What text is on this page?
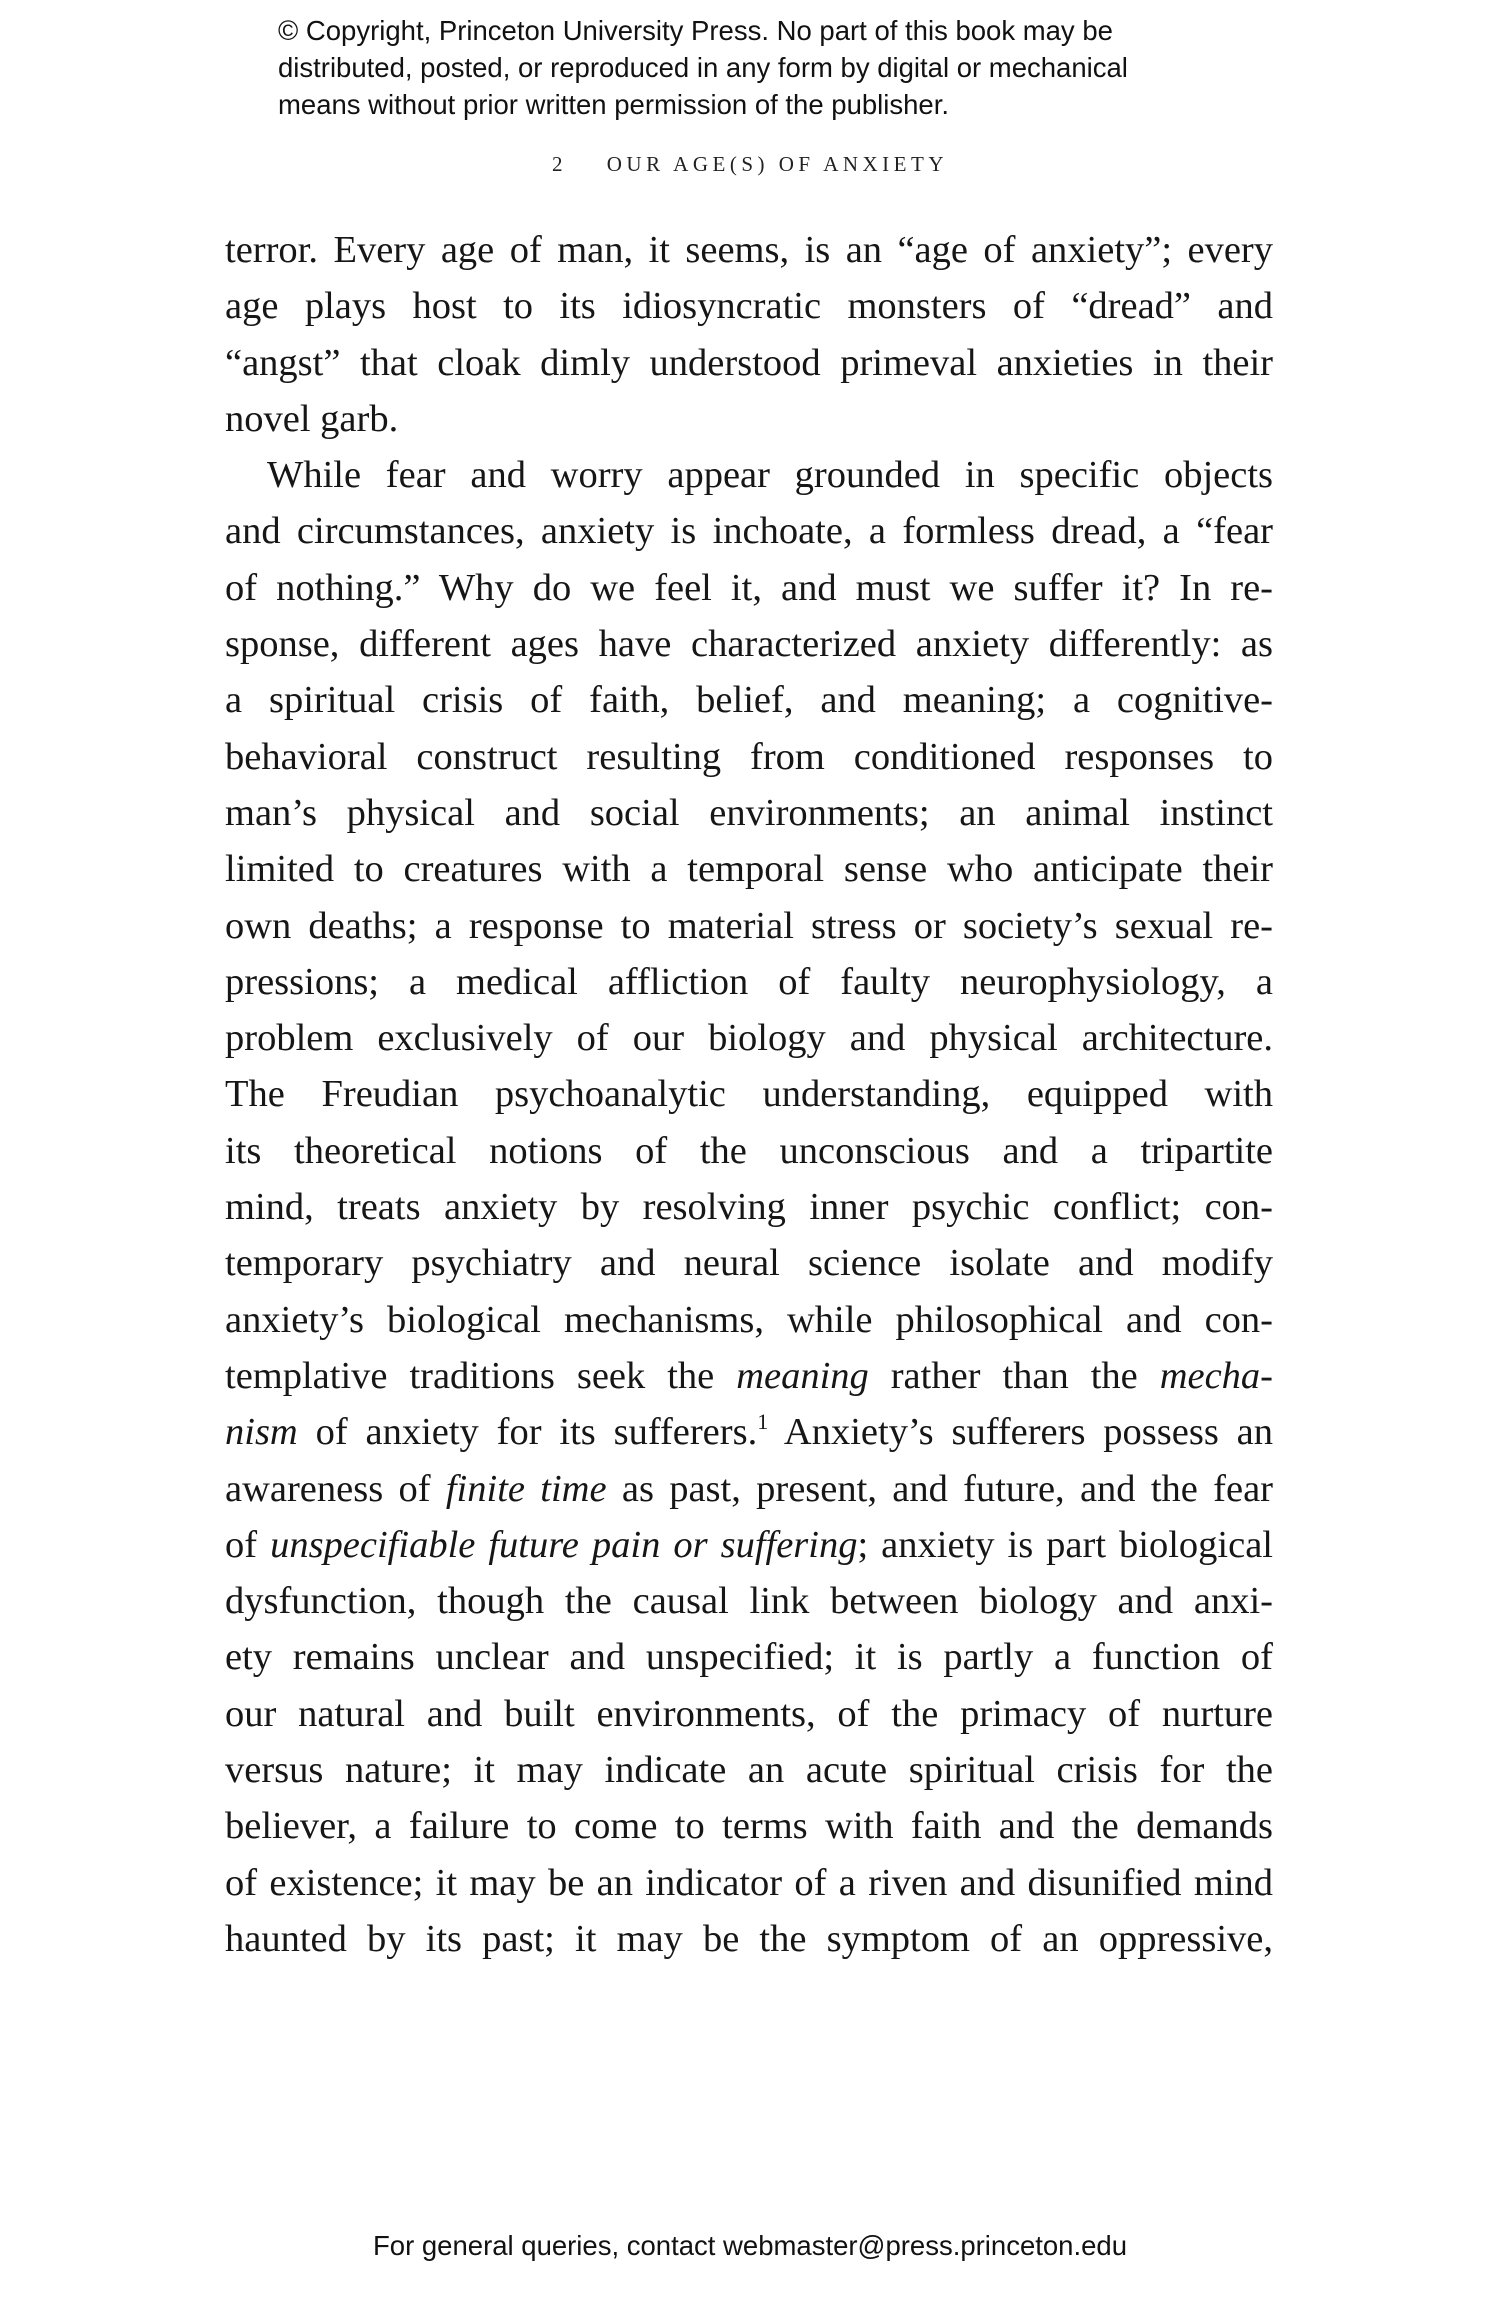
© Copyright, Princeton University Press. No part of this book may be
distributed, posted, or reproduced in any form by digital or mechanical
means without prior written permission of the publisher.
2 OUR AGE(S) OF ANXIETY
terror. Every age of man, it seems, is an “age of anxiety”; every
age plays host to its idiosyncratic monsters of “dread” and
“angst” that cloak dimly understood primeval anxieties in their
novel garb.
While fear and worry appear grounded in specific objects
and circumstances, anxiety is inchoate, a formless dread, a “fear
of nothing.” Why do we feel it, and must we suffer it? In re-
sponse, different ages have characterized anxiety differently: as
a spiritual crisis of faith, belief, and meaning; a cognitive-
behavioral construct resulting from conditioned responses to
man’s physical and social environments; an animal instinct
limited to creatures with a temporal sense who anticipate their
own deaths; a response to material stress or society’s sexual re-
pressions; a medical affliction of faulty neurophysiology, a
problem exclusively of our biology and physical architecture.
The Freudian psychoanalytic understanding, equipped with
its theoretical notions of the unconscious and a tripartite
mind, treats anxiety by resolving inner psychic conflict; con-
temporary psychiatry and neural science isolate and modify
anxiety’s biological mechanisms, while philosophical and con-
templative traditions seek the meaning rather than the mecha-
nism of anxiety for its sufferers.$^1$ Anxiety’s sufferers possess an
awareness of finite time as past, present, and future, and the fear
of unspecifiable future pain or suffering; anxiety is part biological
dysfunction, though the causal link between biology and anxi-
ety remains unclear and unspecified; it is partly a function of
our natural and built environments, of the primacy of nurture
versus nature; it may indicate an acute spiritual crisis for the
believer, a failure to come to terms with faith and the demands
of existence; it may be an indicator of a riven and disunified mind
haunted by its past; it may be the symptom of an oppressive,
For general queries, contact webmaster@press.princeton.edu
